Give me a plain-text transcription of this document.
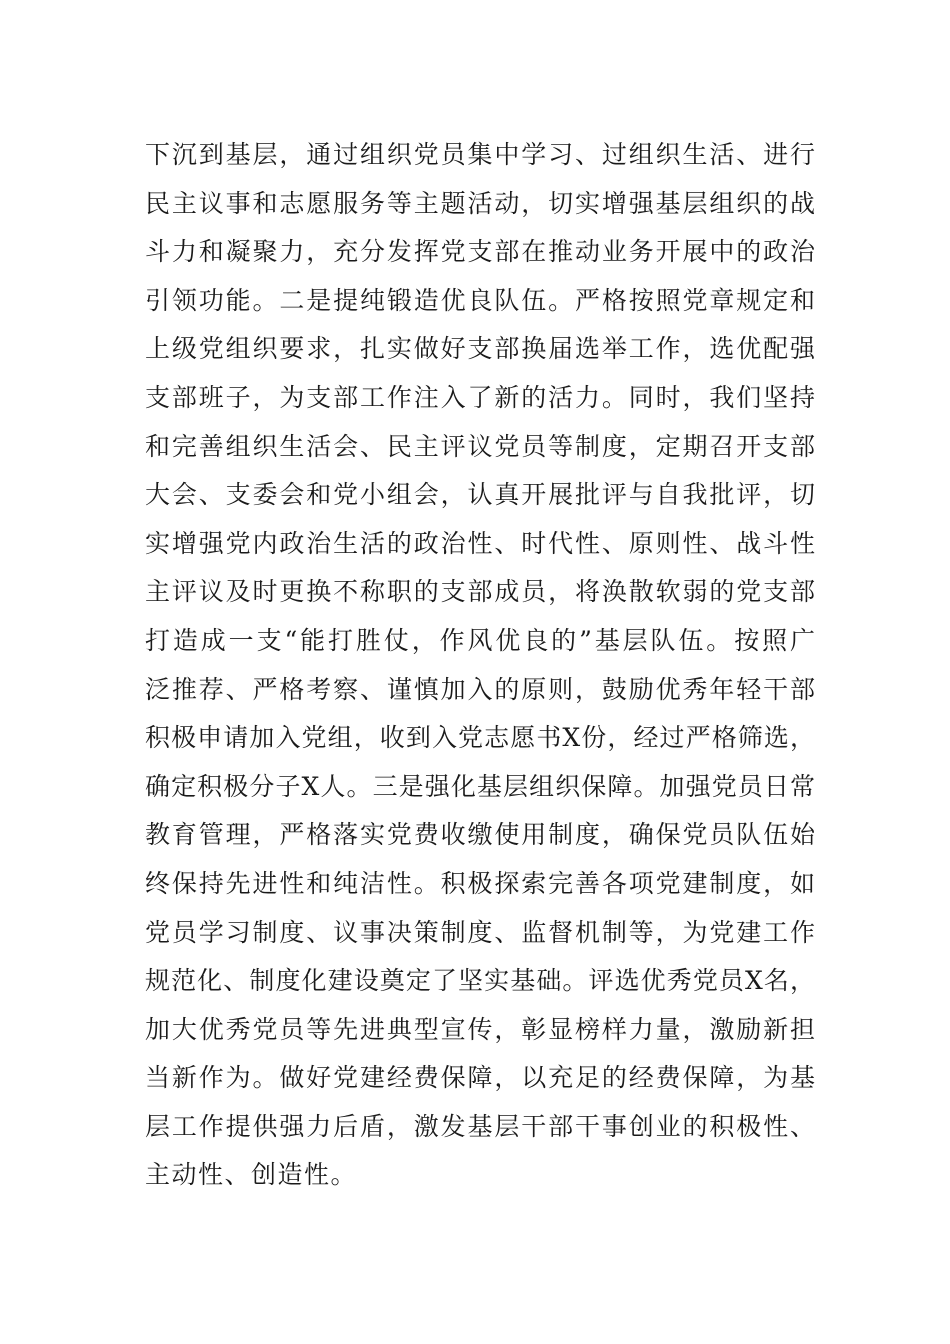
下沉到基层，通过组织党员集中学习、过组织生活、进行
民主议事和志愿服务等主题活动，切实增强基层组织的战
斗力和凝聚力，充分发挥党支部在推动业务开展中的政治
引领功能。二是提纯锻造优良队伍。严格按照党章规定和
上级党组织要求，扎实做好支部换届选举工作，选优配强
支部班子，为支部工作注入了新的活力。同时，我们坚持
和完善组织生活会、民主评议党员等制度，定期召开支部
大会、支委会和党小组会，认真开展批评与自我批评，切
实增强党内政治生活的政治性、时代性、原则性、战斗性
主评议及时更换不称职的支部成员，将涣散软弱的党支部
打造成一支“能打胜仗，作风优良的”基层队伍。按照广
泛推荐、严格考察、谨慎加入的原则，鼓励优秀年轻干部
积极申请加入党组，收到入党志愿书X份，经过严格筛选，
确定积极分子X人。三是强化基层组织保障。加强党员日常
教育管理，严格落实党费收缴使用制度，确保党员队伍始
终保持先进性和纯洁性。积极探索完善各项党建制度，如
党员学习制度、议事决策制度、监督机制等，为党建工作
规范化、制度化建设奠定了坚实基础。评选优秀党员X名，
加大优秀党员等先进典型宣传，彰显榜样力量，激励新担
当新作为。做好党建经费保障，以充足的经费保障，为基
层工作提供强力后盾，激发基层干部干事创业的积极性、
主动性、创造性。
